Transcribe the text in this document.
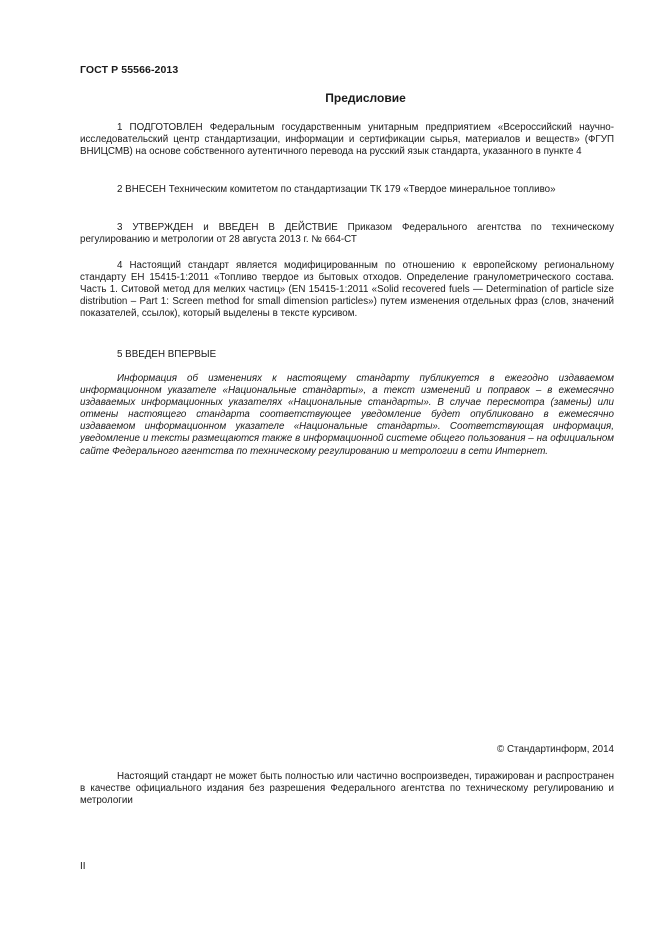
ГОСТ Р 55566-2013
Предисловие

1 ПОДГОТОВЛЕН Федеральным государственным унитарным предприятием «Всероссийский научно-исследовательский центр стандартизации, информации и сертификации сырья, материалов и веществ» (ФГУП ВНИЦСМВ) на основе собственного аутентичного перевода на русский язык стандарта, указанного в пункте 4

2 ВНЕСЕН Техническим комитетом по стандартизации ТК 179 «Твердое минеральное топливо»

3 УТВЕРЖДЕН и ВВЕДЕН В ДЕЙСТВИЕ Приказом Федерального агентства по техническому регулированию и метрологии от 28 августа 2013 г. № 664-СТ

4 Настоящий стандарт является модифицированным по отношению к европейскому региональному стандарту ЕН 15415-1:2011 «Топливо твердое из бытовых отходов. Определение гранулометрического состава. Часть 1. Ситовой метод для мелких частиц» (EN 15415-1:2011 «Solid recovered fuels — Determination of particle size distribution – Part 1: Screen method for small dimension particles») путем изменения отдельных фраз (слов, значений показателей, ссылок), который выделены в тексте курсивом.

5 ВВЕДЕН ВПЕРВЫЕ

Информация об изменениях к настоящему стандарту публикуется в ежегодно издаваемом информационном указателе «Национальные стандарты», а текст изменений и поправок – в ежемесячно издаваемых информационных указателях «Национальные стандарты». В случае пересмотра (замены) или отмены настоящего стандарта соответствующее уведомление будет опубликовано в ежемесячно издаваемом информационном указателе «Национальные стандарты». Соответствующая информация, уведомление и тексты размещаются также в информационной системе общего пользования – на официальном сайте Федерального агентства по техническому регулированию и метрологии в сети Интернет.

© Стандартинформ, 2014

Настоящий стандарт не может быть полностью или частично воспроизведен, тиражирован и распространен в качестве официального издания без разрешения Федерального агентства по техническому регулированию и метрологии

II
